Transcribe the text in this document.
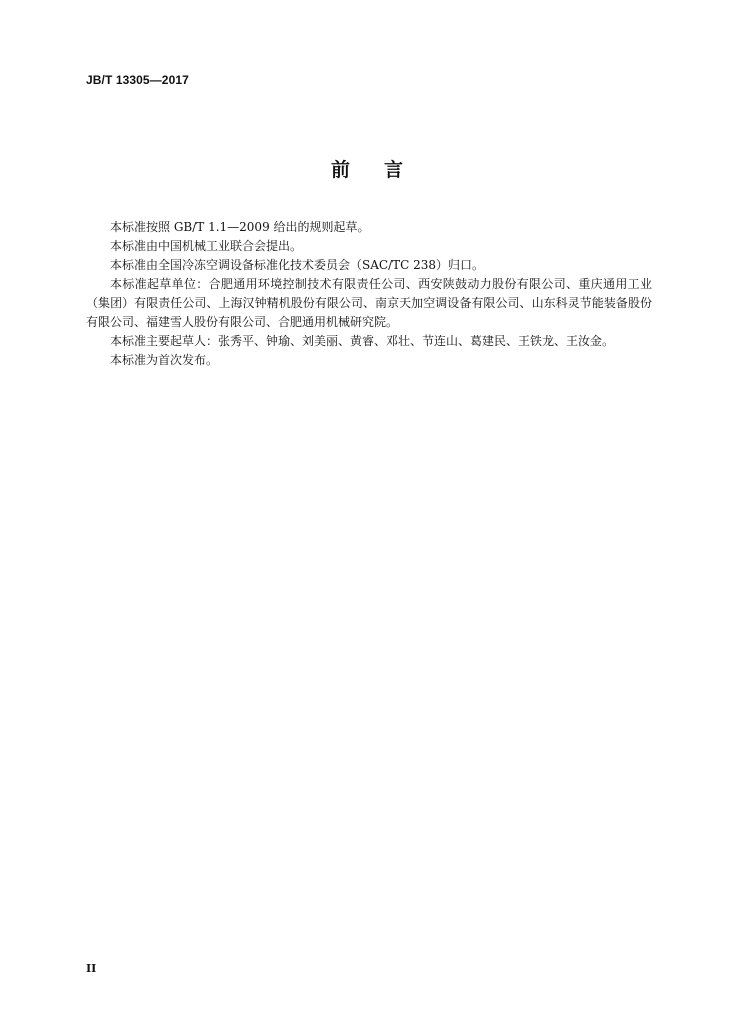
JB/T 13305—2017
前言

本标准按照 GB/T 1.1—2009 给出的规则起草。

本标准由中国机械工业联合会提出。

本标准由全国冷冻空调设备标准化技术委员会（SAC/TC 238）归口。

本标准起草单位：合肥通用环境控制技术有限责任公司、西安陕鼓动力股份有限公司、重庆通用工业（集团）有限责任公司、上海汉钟精机股份有限公司、南京天加空调设备有限公司、山东科灵节能装备股份有限公司、福建雪人股份有限公司、合肥通用机械研究院。

本标准主要起草人：张秀平、钟瑜、刘美丽、黄睿、邓壮、节连山、葛建民、王铁龙、王汝金。

本标准为首次发布。

II
